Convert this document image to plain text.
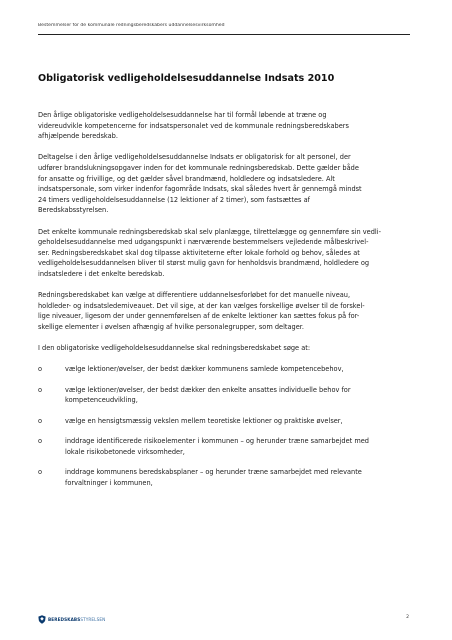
Bestemmelser for de kommunale redningsberedskabers uddannelsesvirksomhed
Obligatorisk vedligeholdelsesuddannelse Indsats 2010

Den årlige obligatoriske vedligeholdelsesuddannelse har til formål løbende at træne og
videreudvikle kompetencerne for indsatspersonalet ved de kommunale redningsberedskabers
afhjælpende beredskab.

Deltagelse i den årlige vedligeholdelsesuddannelse Indsats er obligatorisk for alt personel, der
udfører brandslukningsopgaver inden for det kommunale redningsberedskab. Dette gælder både
for ansatte og frivillige, og det gælder såvel brandmænd, holdledere og indsatsledere. Alt
indsatspersonale, som virker indenfor fagområde Indsats, skal således hvert år gennemgå mindst
24 timers vedligeholdelsesuddannelse (12 lektioner af 2 timer), som fastsættes af
Beredskabsstyrelsen.

Det enkelte kommunale redningsberedskab skal selv planlægge, tilrettelægge og gennemføre sin vedli-
geholdelsesuddannelse med udgangspunkt i nærværende bestemmelsers vejledende målbeskrivel-
ser. Redningsberedskabet skal dog tilpasse aktiviteterne efter lokale forhold og behov, således at
vedligeholdelsesuddannelsen bliver til størst mulig gavn for henholdsvis brandmænd, holdledere og
indsatsledere i det enkelte beredskab.

Redningsberedskabet kan vælge at differentiere uddannelsesforløbet for det manuelle niveau,
holdleder- og indsatsledemiveauet. Det vil sige, at der kan vælges forskellige øvelser til de forskel-
lige niveauer, ligesom der under gennemførelsen af de enkelte lektioner kan sættes fokus på for-
skellige elementer i øvelsen afhængig af hvilke personalegrupper, som deltager.

I den obligatoriske vedligeholdelsesuddannelse skal redningsberedskabet søge at:

o	vælge lektioner/øvelser, der bedst dækker kommunens samlede kompetencebehov,
o	vælge lektioner/øvelser, der bedst dækker den enkelte ansattes individuelle behov for
kompetenceudvikling,
o	vælge en hensigtsmæssig vekslen mellem teoretiske lektioner og praktiske øvelser,
o	inddrage identificerede risikoelementer i kommunen – og herunder træne samarbejdet med
lokale risikobetonede virksomheder,
o	inddrage kommunens beredskabsplaner – og herunder træne samarbejdet med relevante
forvaltninger i kommunen,
BEREDSKABSSTYRELSEN	2
